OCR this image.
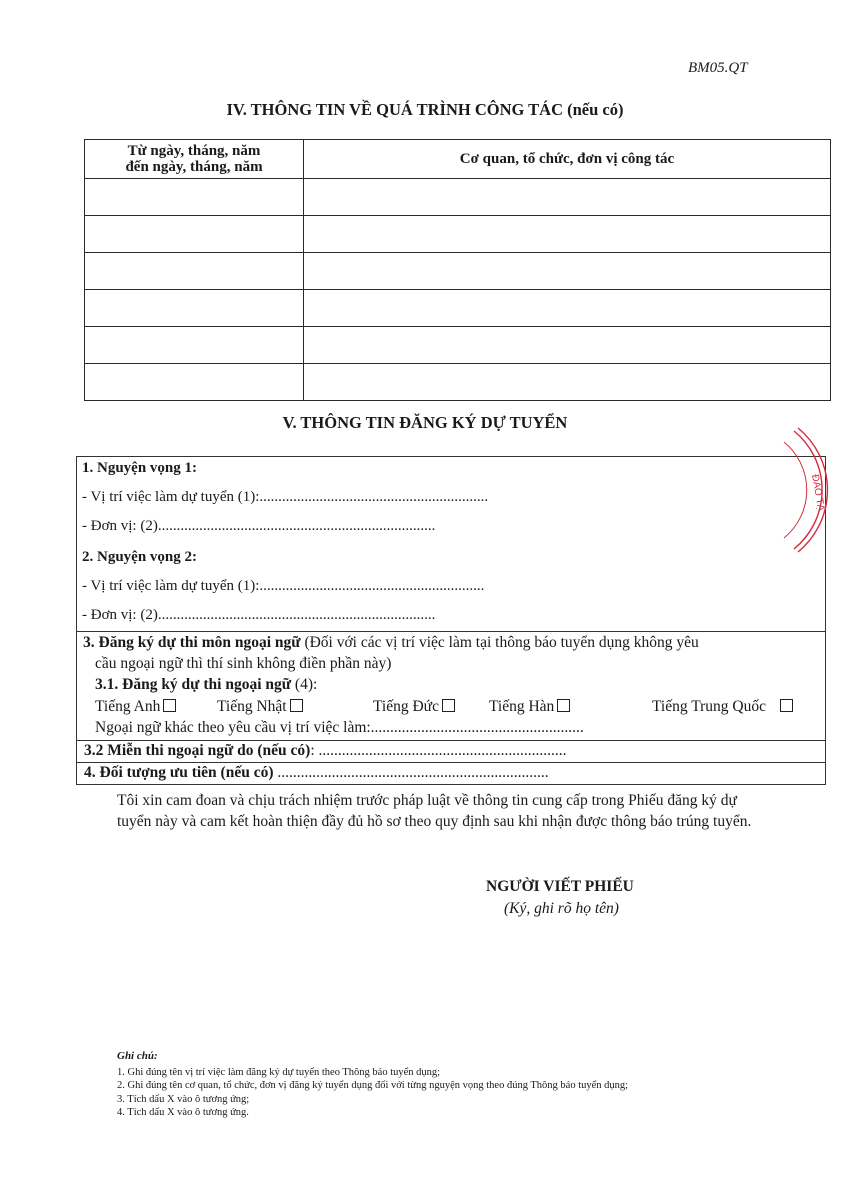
BM05.QT
IV. THÔNG TIN VỀ QUÁ TRÌNH CÔNG TÁC (nếu có)
Từ ngày, tháng, năm
đến ngày, tháng, năm	Cơ quan, tổ chức, đơn vị công tác

V. THÔNG TIN ĐĂNG KÝ DỰ TUYỂN
1. Nguyện vọng 1:
- Vị trí việc làm dự tuyển (1):.............................................................
- Đơn vị: (2)..........................................................................
2. Nguyện vọng 2:
- Vị trí việc làm dự tuyển (1):............................................................
- Đơn vị: (2)..........................................................................
3. Đăng ký dự thi môn ngoại ngữ (Đối với các vị trí việc làm tại thông báo tuyển dụng không yêu
cầu ngoại ngữ thì thí sinh không điền phần này)
3.1. Đăng ký dự thi ngoại ngữ (4):
Tiếng Anh	Tiếng Nhật	Tiếng Đức	Tiếng Hàn	Tiếng Trung Quốc
Ngoại ngữ khác theo yêu cầu vị trí việc làm:.......................................................
3.2 Miễn thi ngoại ngữ do (nếu có): ................................................................
4. Đối tượng ưu tiên (nếu có) ......................................................................
ĐÀO TẠ
Tôi xin cam đoan và chịu trách nhiệm trước pháp luật về thông tin cung cấp trong Phiếu đăng ký dự tuyển này và cam kết hoàn thiện đầy đủ hồ sơ theo quy định sau khi nhận được thông báo trúng tuyển.
NGƯỜI VIẾT PHIẾU
(Ký, ghi rõ họ tên)
Ghi chú:
1. Ghi đúng tên vị trí việc làm đăng ký dự tuyển theo Thông báo tuyển dụng;
2. Ghi đúng tên cơ quan, tổ chức, đơn vị đăng ký tuyển dụng đối với từng nguyện vọng theo đúng Thông báo tuyển dụng;
3. Tích dấu X vào ô tương ứng;
4. Tích dấu X vào ô tương ứng.
